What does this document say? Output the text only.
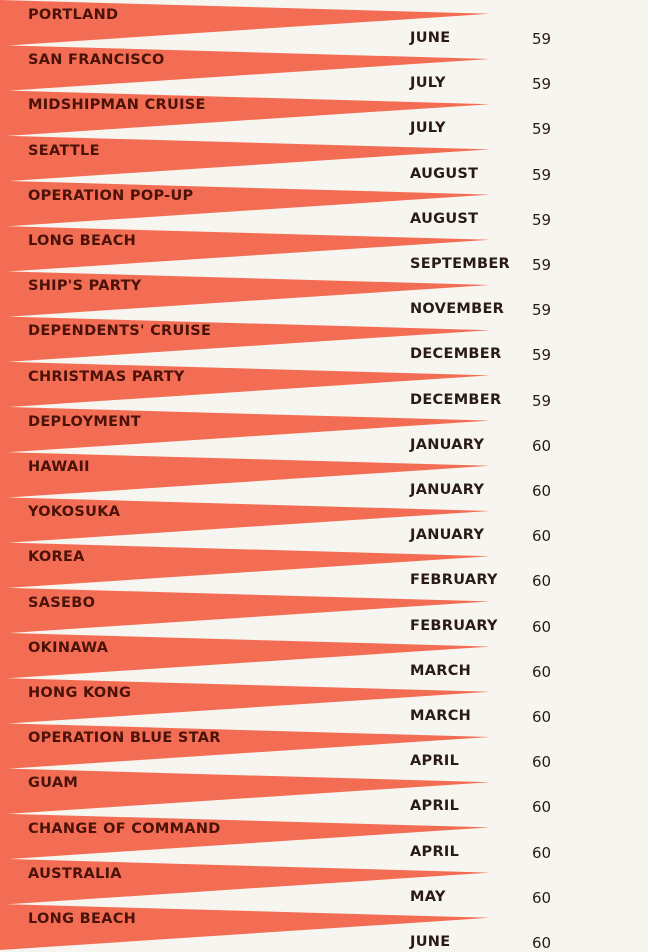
PORTLAND
JUNE	59
SAN FRANCISCO
JULY	59
MIDSHIPMAN CRUISE
JULY	59
SEATTLE
AUGUST	59
OPERATION POP-UP
AUGUST	59
LONG BEACH
SEPTEMBER 59
SHIP'S PARTY
NOVEMBER 59
DEPENDENTS' CRUISE
DECEMBER 59
CHRISTMAS PARTY
DECEMBER 59
DEPLOYMENT
JANUARY	60
HAWAII
JANUARY	60
YOKOSUKA
JANUARY	60
KOREA
FEBRUARY 60
SASEBO
FEBRUARY 60
OKINAWA
MARCH	60
HONG KONG
MARCH	60
OPERATION BLUE STAR
APRIL	60
GUAM
APRIL	60
CHANGE OF COMMAND
APRIL	60
AUSTRALIA
MAY	60
LONG BEACH
JUNE	60
